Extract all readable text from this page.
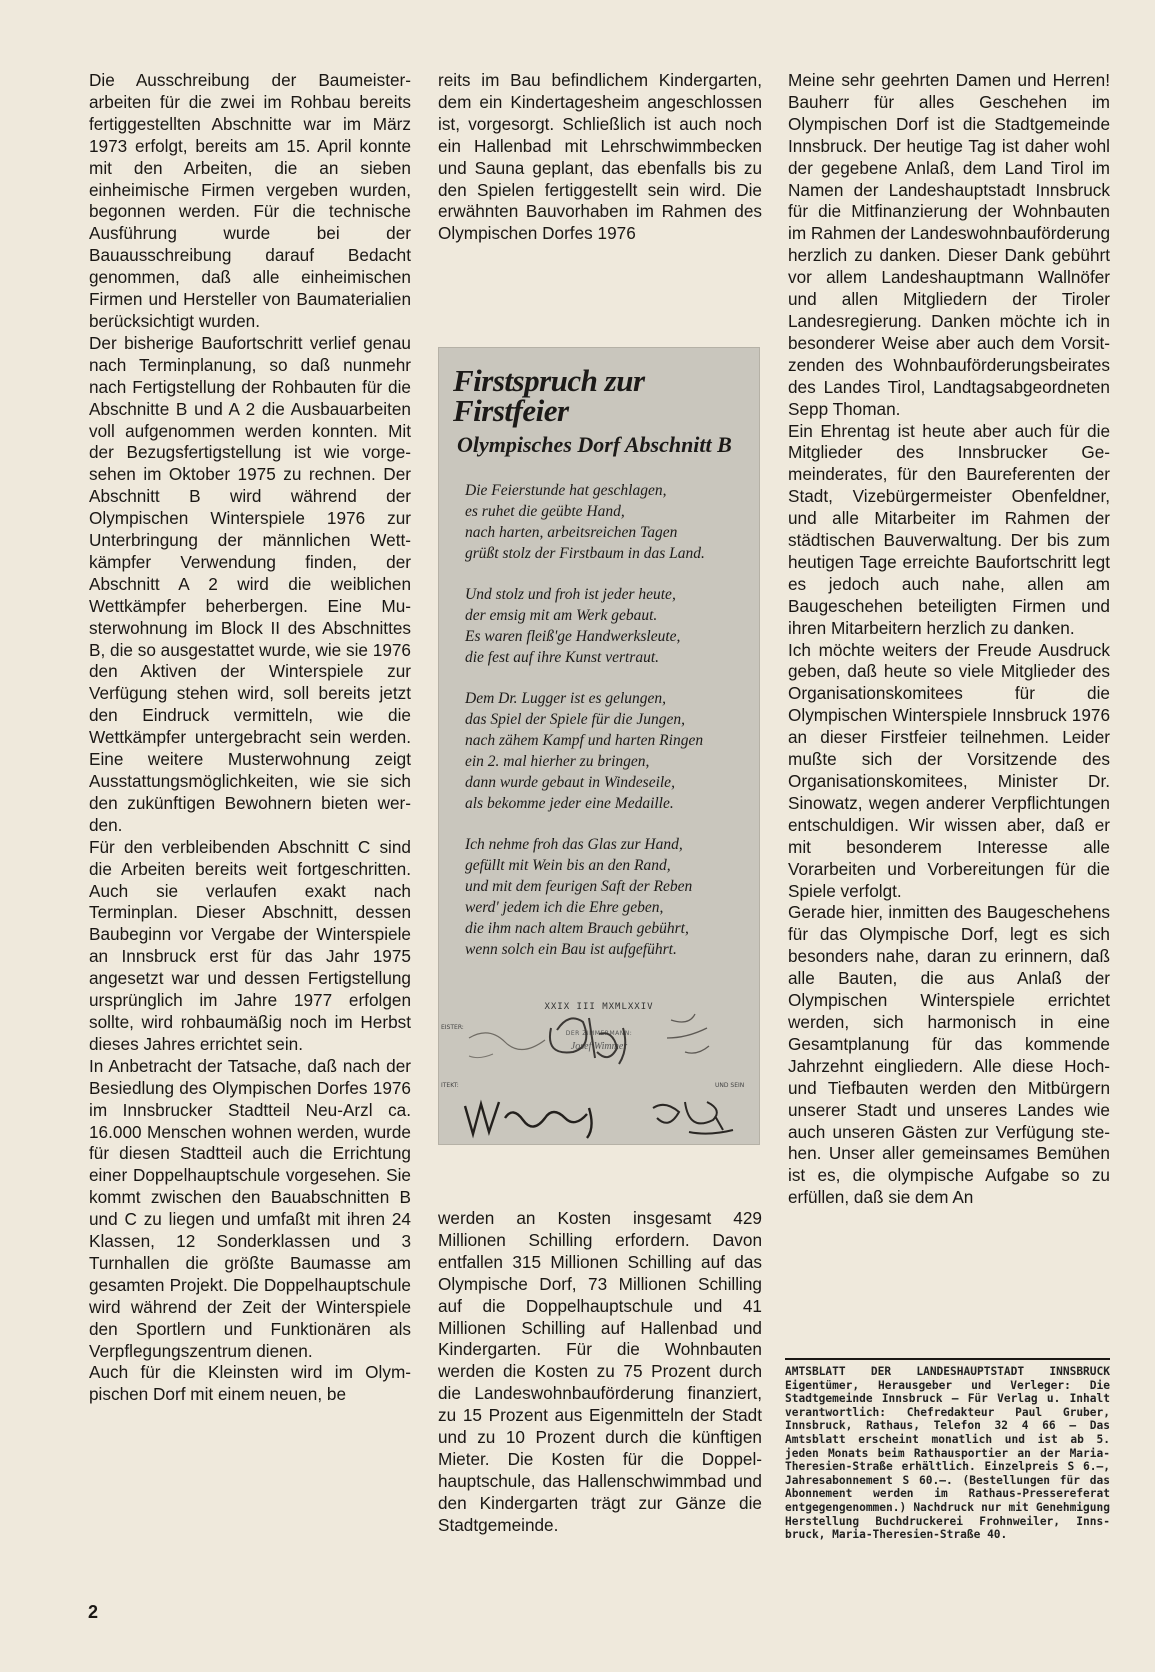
Die Ausschreibung der Baumeisterarbeiten für die zwei im Rohbau bereits fertiggestellten Abschnitte war im März 1973 erfolgt, bereits am 15. April konnte mit den Arbeiten, die an sieben einheimische Firmen vergeben wurden, begonnen werden. Für die technische Ausführung wurde bei der Bauausschreibung darauf Bedacht genommen, daß alle einheimischen Firmen und Hersteller von Baumaterialien berücksichtigt wurden.

Der bisherige Baufortschritt verlief genau nach Terminplanung, so daß nunmehr nach Fertigstellung der Rohbauten für die Abschnitte B und A 2 die Ausbauarbeiten voll aufgenommen werden konnten. Mit der Bezugsfertigstellung ist wie vorgesehen im Oktober 1975 zu rechnen. Der Abschnitt B wird während der Olympischen Winterspiele 1976 zur Unterbringung der männlichen Wettkämpfer Verwendung finden, der Abschnitt A 2 wird die weiblichen Wettkämpfer beherbergen. Eine Musterwohnung im Block II des Abschnittes B, die so ausgestattet wurde, wie sie 1976 den Aktiven der Winterspiele zur Verfügung stehen wird, soll bereits jetzt den Eindruck vermitteln, wie die Wettkämpfer untergebracht sein werden. Eine weitere Musterwohnung zeigt Ausstattungsmöglichkeiten, wie sie sich den zukünftigen Bewohnern bieten werden.

Für den verbleibenden Abschnitt C sind die Arbeiten bereits weit fortgeschritten. Auch sie verlaufen exakt nach Terminplan. Dieser Abschnitt, dessen Baubeginn vor Vergabe der Winterspiele an Innsbruck erst für das Jahr 1975 angesetzt war und dessen Fertigstellung ursprünglich im Jahre 1977 erfolgen sollte, wird rohbaumäßig noch im Herbst dieses Jahres errichtet sein.

In Anbetracht der Tatsache, daß nach der Besiedlung des Olympischen Dorfes 1976 im Innsbrucker Stadtteil Neu-Arzl ca. 16.000 Menschen wohnen werden, wurde für diesen Stadtteil auch die Errichtung einer Doppelhauptschule vorgesehen. Sie kommt zwischen den Bauabschnitten B und C zu liegen und umfaßt mit ihren 24 Klassen, 12 Sonderklassen und 3 Turnhallen die größte Baumasse am gesamten Projekt. Die Doppelhauptschule wird während der Zeit der Winterspiele den Sportlern und Funktionären als Verpflegungszentrum dienen.

Auch für die Kleinsten wird im Olympischen Dorf mit einem neuen, be

reits im Bau befindlichem Kindergarten, dem ein Kindertagesheim angeschlossen ist, vorgesorgt. Schließlich ist auch noch ein Hallenbad mit Lehrschwimmbecken und Sauna geplant, das ebenfalls bis zu den Spielen fertiggestellt sein wird. Die erwähnten Bauvorhaben im Rahmen des Olympischen Dorfes 1976

Firstspruch zur Firstfeier
Olympisches Dorf Abschnitt B
Die Feierstunde hat geschlagen,
es ruhet die geübte Hand,
nach harten, arbeitsreichen Tagen
grüßt stolz der Firstbaum in das Land.
Und stolz und froh ist jeder heute,
der emsig mit am Werk gebaut.
Es waren fleiß'ge Handwerksleute,
die fest auf ihre Kunst vertraut.
Dem Dr. Lugger ist es gelungen,
das Spiel der Spiele für die Jungen,
nach zähem Kampf und harten Ringen
ein 2. mal hierher zu bringen,
dann wurde gebaut in Windeseile,
als bekomme jeder eine Medaille.
Ich nehme froh das Glas zur Hand,
gefüllt mit Wein bis an den Rand,
und mit dem feurigen Saft der Reben
werd' jedem ich die Ehre geben,
die ihm nach altem Brauch gebührt,
wenn solch ein Bau ist aufgeführt.
XXIX III MXMLXXIV
DER ZIMMERMANN:
Josef Wimmer
EISTER:
ITEKT:	UND SEIN

werden an Kosten insgesamt 429 Millionen Schilling erfordern. Davon entfallen 315 Millionen Schilling auf das Olympische Dorf, 73 Millionen Schilling auf die Doppelhauptschule und 41 Millionen Schilling auf Hallenbad und Kindergarten. Für die Wohnbauten werden die Kosten zu 75 Prozent durch die Landeswohnbauförderung finanziert, zu 15 Prozent aus Eigenmitteln der Stadt und zu 10 Prozent durch die künftigen Mieter. Die Kosten für die Doppelhauptschule, das Hallenschwimmbad und den Kindergarten trägt zur Gänze die Stadtgemeinde.

Meine sehr geehrten Damen und Herren! Bauherr für alles Geschehen im Olympischen Dorf ist die Stadtgemeinde Innsbruck. Der heutige Tag ist daher wohl der gegebene Anlaß, dem Land Tirol im Namen der Landeshauptstadt Innsbruck für die Mitfinanzierung der Wohnbauten im Rahmen der Landeswohnbauförderung herzlich zu danken. Dieser Dank gebührt vor allem Landeshauptmann Wallnöfer und allen Mitgliedern der Tiroler Landesregierung. Danken möchte ich in besonderer Weise aber auch dem Vorsitzenden des Wohnbauförderungsbeirates des Landes Tirol, Landtagsabgeordneten Sepp Thoman.

Ein Ehrentag ist heute aber auch für die Mitglieder des Innsbrucker Gemeinderates, für den Baureferenten der Stadt, Vizebürgermeister Obenfeldner, und alle Mitarbeiter im Rahmen der städtischen Bauverwaltung. Der bis zum heutigen Tage erreichte Baufortschritt legt es jedoch auch nahe, allen am Baugeschehen beteiligten Firmen und ihren Mitarbeitern herzlich zu danken.

Ich möchte weiters der Freude Ausdruck geben, daß heute so viele Mitglieder des Organisationskomitees für die Olympischen Winterspiele Innsbruck 1976 an dieser Firstfeier teilnehmen. Leider mußte sich der Vorsitzende des Organisationskomitees, Minister Dr. Sinowatz, wegen anderer Verpflichtungen entschuldigen. Wir wissen aber, daß er mit besonderem Interesse alle Vorarbeiten und Vorbereitungen für die Spiele verfolgt.

Gerade hier, inmitten des Baugeschehens für das Olympische Dorf, legt es sich besonders nahe, daran zu erinnern, daß alle Bauten, die aus Anlaß der Olympischen Winterspiele errichtet werden, sich harmonisch in eine Gesamtplanung für das kommende Jahrzehnt eingliedern. Alle diese Hoch- und Tiefbauten werden den Mitbürgern unserer Stadt und unseres Landes wie auch unseren Gästen zur Verfügung stehen. Unser aller gemeinsames Bemühen ist es, die olympische Aufgabe so zu erfüllen, daß sie dem An

AMTSBLATT DER LANDESHAUPTSTADT INNSBRUCK Eigentümer, Herausgeber und Verleger: Die Stadtgemeinde Innsbruck — Für Verlag u. Inhalt verantwortlich: Chefredakteur Paul Gruber, Innsbruck, Rathaus, Telefon 32 4 66 — Das Amtsblatt erscheint monatlich und ist ab 5. jeden Monats beim Rathausportier an der Maria-Theresien-Straße erhältlich. Einzelpreis S 6.—, Jahresabonnement S 60.—. (Bestellungen für das Abonnement werden im Rathaus-Pressereferat entgegengenommen.) Nachdruck nur mit Genehmigung Herstellung Buchdruckerei Frohnweiler, Innsbruck, Maria-Theresien-Straße 40.
2
